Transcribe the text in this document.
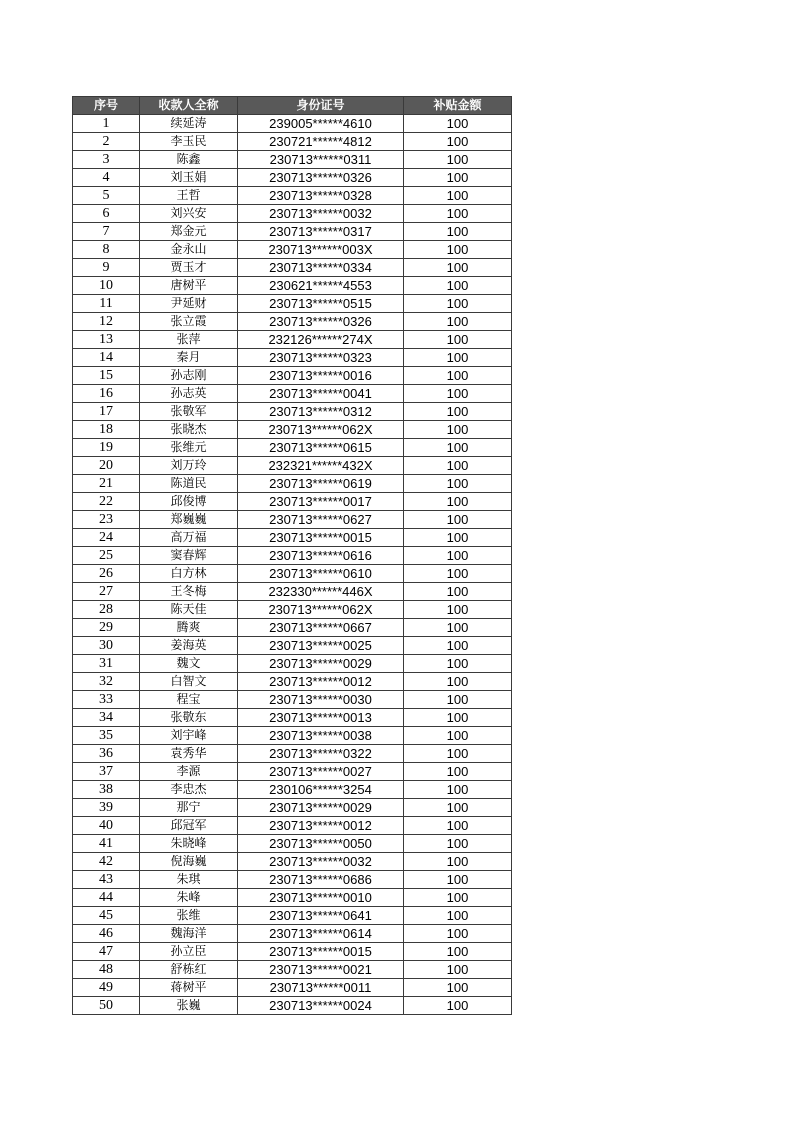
序号	收款人全称	身份证号	补贴金额
1	续延涛	239005******4610	100
2	李玉民	230721******4812	100
3	陈鑫	230713******0311	100
4	刘玉娟	230713******0326	100
5	王哲	230713******0328	100
6	刘兴安	230713******0032	100
7	郑金元	230713******0317	100
8	金永山	230713******003X	100
9	贾玉才	230713******0334	100
10	唐树平	230621******4553	100
11	尹延财	230713******0515	100
12	张立霞	230713******0326	100
13	张萍	232126******274X	100
14	秦月	230713******0323	100
15	孙志刚	230713******0016	100
16	孙志英	230713******0041	100
17	张敬军	230713******0312	100
18	张晓杰	230713******062X	100
19	张维元	230713******0615	100
20	刘万玲	232321******432X	100
21	陈道民	230713******0619	100
22	邱俊博	230713******0017	100
23	郑巍巍	230713******0627	100
24	高万福	230713******0015	100
25	窦春辉	230713******0616	100
26	白方林	230713******0610	100
27	王冬梅	232330******446X	100
28	陈天佳	230713******062X	100
29	腾爽	230713******0667	100
30	姜海英	230713******0025	100
31	魏文	230713******0029	100
32	白智文	230713******0012	100
33	程宝	230713******0030	100
34	张敬东	230713******0013	100
35	刘宇峰	230713******0038	100
36	袁秀华	230713******0322	100
37	李源	230713******0027	100
38	李忠杰	230106******3254	100
39	那宁	230713******0029	100
40	邱冠军	230713******0012	100
41	朱晓峰	230713******0050	100
42	倪海巍	230713******0032	100
43	朱琪	230713******0686	100
44	朱峰	230713******0010	100
45	张维	230713******0641	100
46	魏海洋	230713******0614	100
47	孙立臣	230713******0015	100
48	舒栋红	230713******0021	100
49	蒋树平	230713******0011	100
50	张巍	230713******0024	100
